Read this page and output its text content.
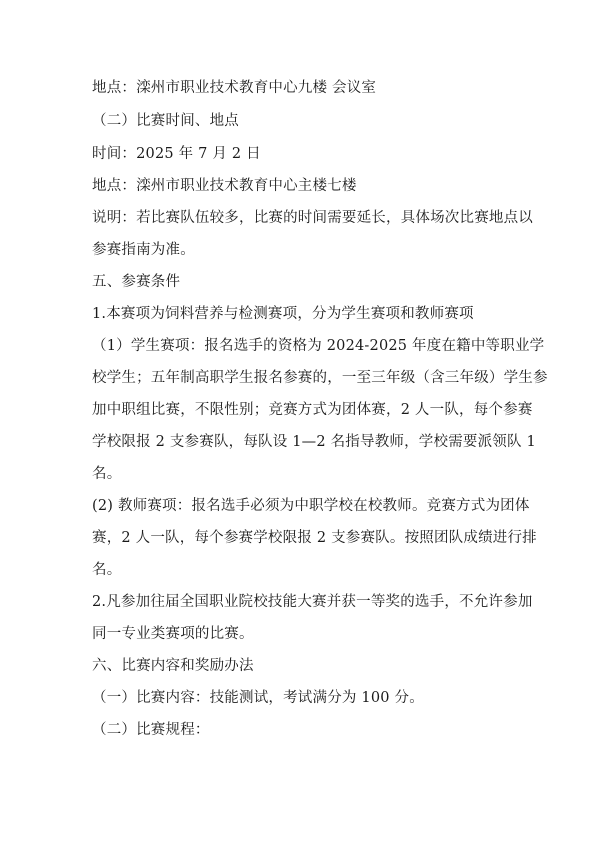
地点：滦州市职业技术教育中心九楼 会议室
（二）比赛时间、地点
时间：2025 年 7 月 2 日
地点：滦州市职业技术教育中心主楼七楼
说明：若比赛队伍较多，比赛的时间需要延长，具体场次比赛地点以
参赛指南为准。
五、参赛条件
1.本赛项为饲料营养与检测赛项，分为学生赛项和教师赛项
（1）学生赛项：报名选手的资格为 2024-2025 年度在籍中等职业学
校学生；五年制高职学生报名参赛的，一至三年级（含三年级）学生参
加中职组比赛，不限性别；竞赛方式为团体赛，2 人一队，每个参赛
学校限报 2 支参赛队，每队设 1—2 名指导教师，学校需要派领队 1
名。
(2) 教师赛项：报名选手必须为中职学校在校教师。竞赛方式为团体
赛，2 人一队，每个参赛学校限报 2 支参赛队。按照团队成绩进行排
名。
2.凡参加往届全国职业院校技能大赛并获一等奖的选手，不允许参加
同一专业类赛项的比赛。
六、比赛内容和奖励办法
（一）比赛内容：技能测试，考试满分为 100 分。
（二）比赛规程：
